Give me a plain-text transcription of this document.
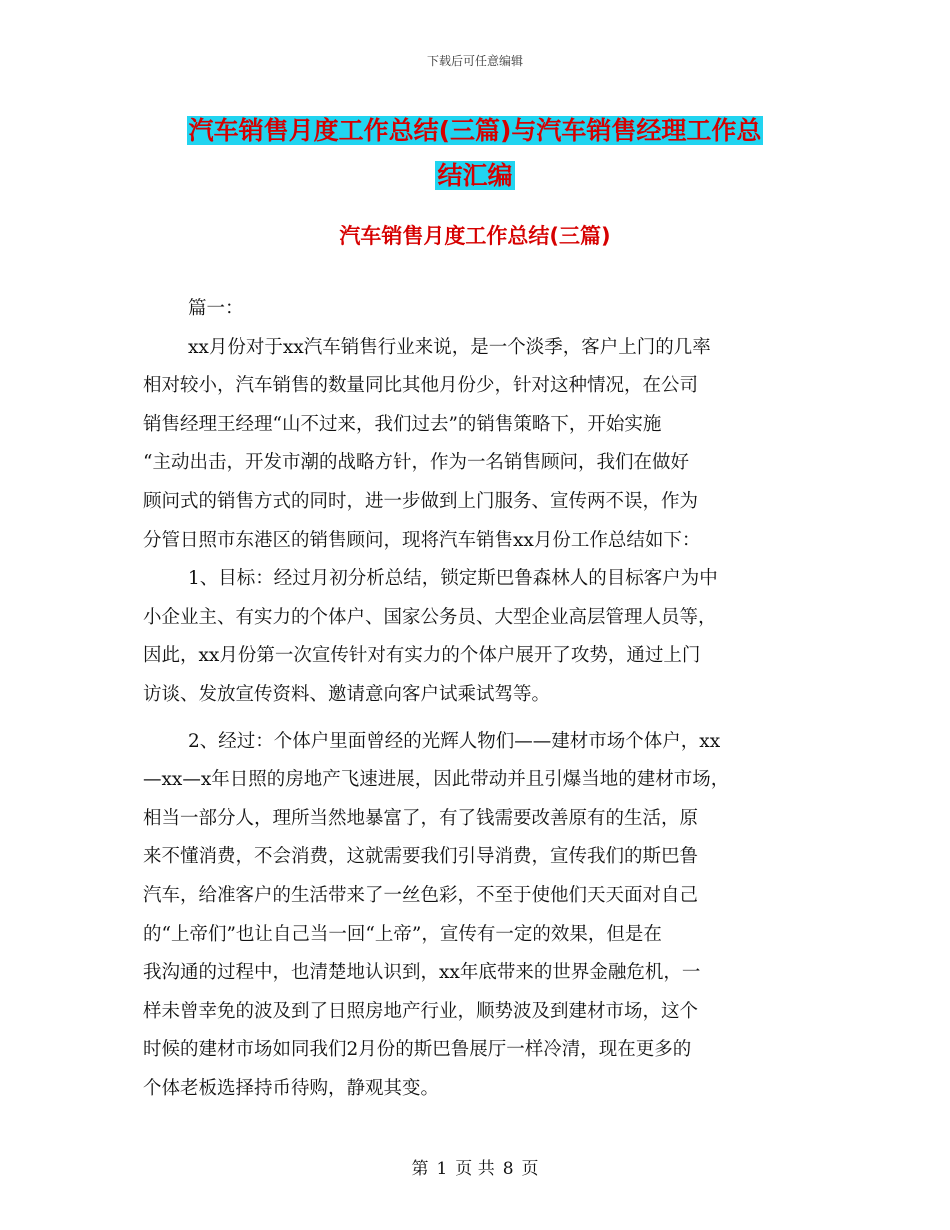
下载后可任意编辑
汽车销售月度工作总结(三篇)与汽车销售经理工作总
结汇编
汽车销售月度工作总结(三篇)
篇一：
xx月份对于xx汽车销售行业来说，是一个淡季，客户上门的几率
相对较小，汽车销售的数量同比其他月份少，针对这种情况，在公司
销售经理王经理“山不过来，我们过去”的销售策略下，开始实施
“主动出击，开发市潮的战略方针，作为一名销售顾问，我们在做好
顾问式的销售方式的同时，进一步做到上门服务、宣传两不误，作为
分管日照市东港区的销售顾问，现将汽车销售xx月份工作总结如下：
1、目标：经过月初分析总结，锁定斯巴鲁森林人的目标客户为中
小企业主、有实力的个体户、国家公务员、大型企业高层管理人员等，
因此，xx月份第一次宣传针对有实力的个体户展开了攻势，通过上门
访谈、发放宣传资料、邀请意向客户试乘试驾等。
2、经过：个体户里面曾经的光辉人物们——建材市场个体户，xx
—xx—x年日照的房地产飞速进展，因此带动并且引爆当地的建材市场，
相当一部分人，理所当然地暴富了，有了钱需要改善原有的生活，原
来不懂消费，不会消费，这就需要我们引导消费，宣传我们的斯巴鲁
汽车，给准客户的生活带来了一丝色彩，不至于使他们天天面对自己
的“上帝们”也让自己当一回“上帝”，宣传有一定的效果，但是在
我沟通的过程中，也清楚地认识到，xx年底带来的世界金融危机，一
样未曾幸免的波及到了日照房地产行业，顺势波及到建材市场，这个
时候的建材市场如同我们2月份的斯巴鲁展厅一样冷清，现在更多的
个体老板选择持币待购，静观其变。
第 1 页 共 8 页
